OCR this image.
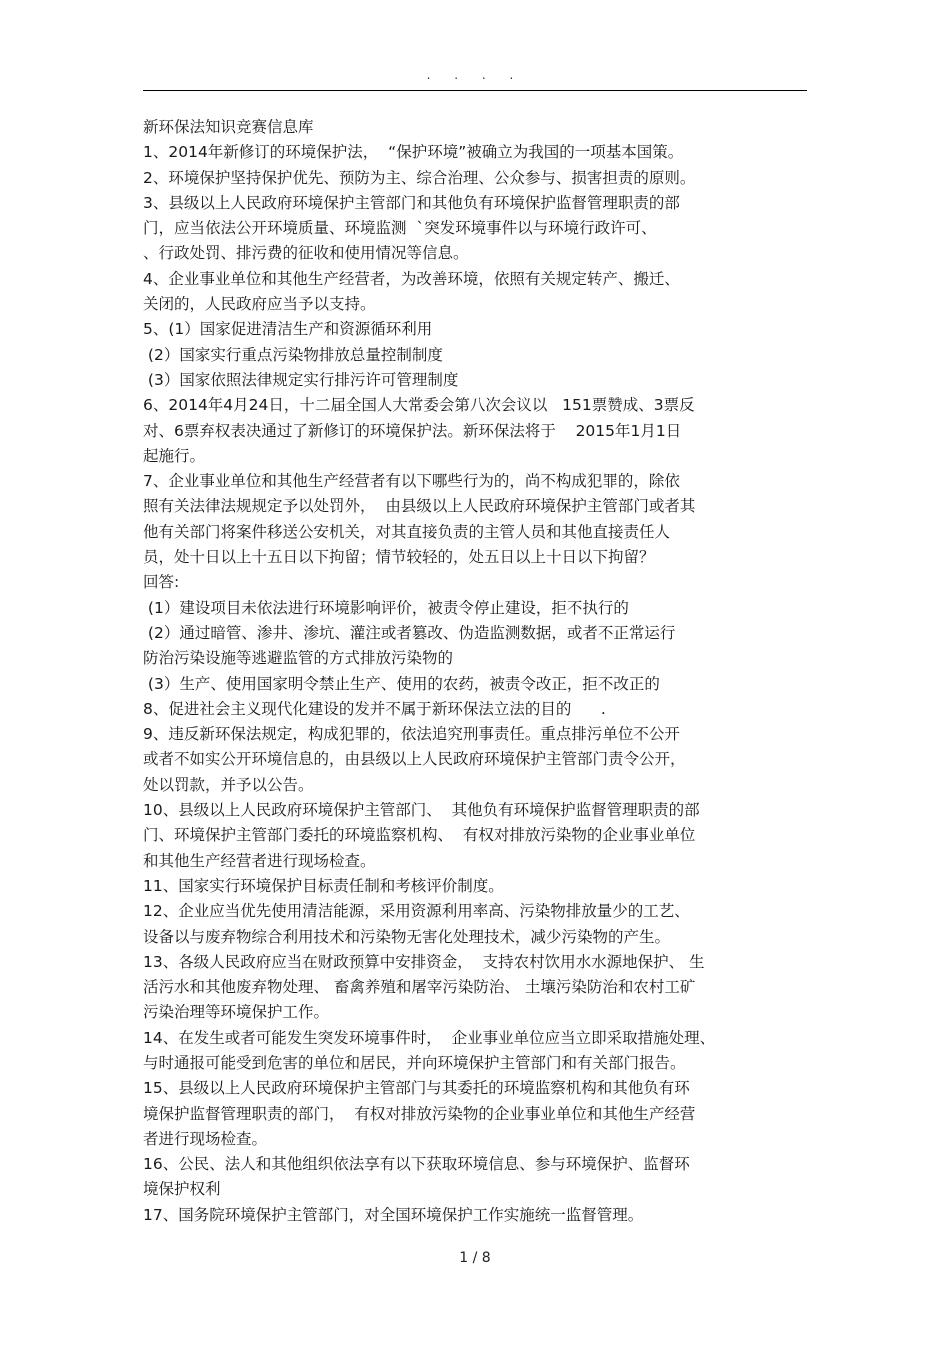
. . . .
新环保法知识竞赛信息库
1、2014年新修订的环境保护法，  “保护环境”被确立为我国的一项基本国策。
2、环境保护坚持保护优先、预防为主、综合治理、公众参与、损害担责的原则。
3、县级以上人民政府环境保护主管部门和其他负有环境保护监督管理职责的部
门，应当依法公开环境质量、环境监测  `突发环境事件以与环境行政许可、
、行政处罚、排污费的征收和使用情况等信息。
4、企业事业单位和其他生产经营者，为改善环境，依照有关规定转产、搬迁、
关闭的，人民政府应当予以支持。
5、(1）国家促进清洁生产和资源循环利用
(2）国家实行重点污染物排放总量控制制度
(3）国家依照法律规定实行排污许可管理制度
6、2014年4月24日，十二届全国人大常委会第八次会议以   151票赞成、3票反
对、6票弃权表决通过了新修订的环境保护法。新环保法将于    2015年1月1日
起施行。
7、企业事业单位和其他生产经营者有以下哪些行为的，尚不构成犯罪的，除依
照有关法律法规规定予以处罚外，  由县级以上人民政府环境保护主管部门或者其
他有关部门将案件移送公安机关，对其直接负责的主管人员和其他直接责任人
员，处十日以上十五日以下拘留；情节较轻的，处五日以上十日以下拘留？
回答:
(1）建设项目未依法进行环境影响评价，被责令停止建设，拒不执行的
(2）通过暗管、渗井、渗坑、灌注或者篡改、伪造监测数据，或者不正常运行
防治污染设施等逃避监管的方式排放污染物的
(3）生产、使用国家明令禁止生产、使用的农药，被责令改正，拒不改正的
8、促进社会主义现代化建设的发并不属于新环保法立法的目的      .
9、违反新环保法规定，构成犯罪的，依法追究刑事责任。重点排污单位不公开
或者不如实公开环境信息的，由县级以上人民政府环境保护主管部门责令公开，
处以罚款，并予以公告。
10、县级以上人民政府环境保护主管部门、  其他负有环境保护监督管理职责的部
门、环境保护主管部门委托的环境监察机构、  有权对排放污染物的企业事业单位
和其他生产经营者进行现场检查。
11、国家实行环境保护目标责任制和考核评价制度。
12、企业应当优先使用清洁能源，采用资源利用率高、污染物排放量少的工艺、
设备以与废弃物综合利用技术和污染物无害化处理技术，减少污染物的产生。
13、各级人民政府应当在财政预算中安排资金，  支持农村饮用水水源地保护、 生
活污水和其他废弃物处理、 畜禽养殖和屠宰污染防治、 土壤污染防治和农村工矿
污染治理等环境保护工作。
14、在发生或者可能发生突发环境事件时，  企业事业单位应当立即采取措施处理、
与时通报可能受到危害的单位和居民，并向环境保护主管部门和有关部门报告。
15、县级以上人民政府环境保护主管部门与其委托的环境监察机构和其他负有环
境保护监督管理职责的部门，  有权对排放污染物的企业事业单位和其他生产经营
者进行现场检查。
16、公民、法人和其他组织依法享有以下获取环境信息、参与环境保护、监督环
境保护权利
17、国务院环境保护主管部门，对全国环境保护工作实施统一监督管理。
1 / 8
